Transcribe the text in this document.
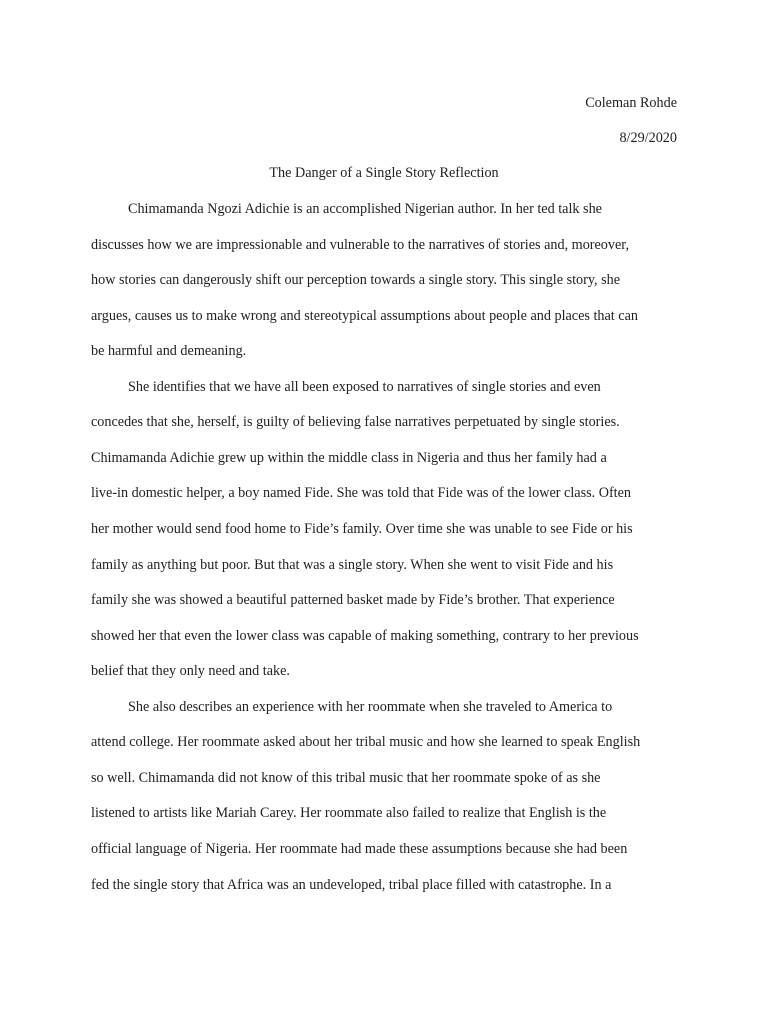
Coleman Rohde
8/29/2020
The Danger of a Single Story Reflection
Chimamanda Ngozi Adichie is an accomplished Nigerian author. In her ted talk she
discusses how we are impressionable and vulnerable to the narratives of stories and, moreover,
how stories can dangerously shift our perception towards a single story. This single story, she
argues, causes us to make wrong and stereotypical assumptions about people and places that can
be harmful and demeaning.
She identifies that we have all been exposed to narratives of single stories and even
concedes that she, herself, is guilty of believing false narratives perpetuated by single stories.
Chimamanda Adichie grew up within the middle class in Nigeria and thus her family had a
live-in domestic helper, a boy named Fide. She was told that Fide was of the lower class. Often
her mother would send food home to Fide’s family. Over time she was unable to see Fide or his
family as anything but poor. But that was a single story. When she went to visit Fide and his
family she was showed a beautiful patterned basket made by Fide’s brother. That experience
showed her that even the lower class was capable of making something, contrary to her previous
belief that they only need and take.
She also describes an experience with her roommate when she traveled to America to
attend college. Her roommate asked about her tribal music and how she learned to speak English
so well. Chimamanda did not know of this tribal music that her roommate spoke of as she
listened to artists like Mariah Carey. Her roommate also failed to realize that English is the
official language of Nigeria. Her roommate had made these assumptions because she had been
fed the single story that Africa was an undeveloped, tribal place filled with catastrophe. In a
